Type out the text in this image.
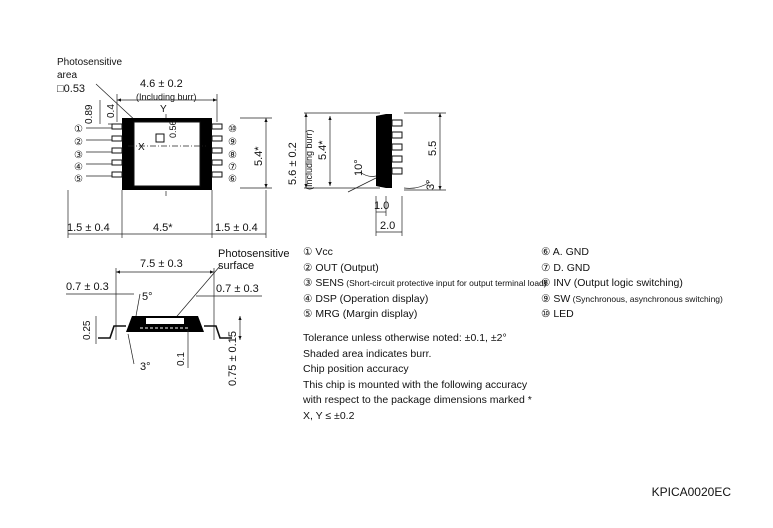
Photosensitive
area
□0.53	4.6 ± 0.2
(Including burr)
Y
0.89 0.4
0.56
X
①
②
③
④
⑤
⑩
⑨
⑧
⑦
⑥
5.4*
1.5 ± 0.4	4.5*	1.5 ± 0.4
5.6 ± 0.2 (Including burr) 5.4*
10°
5.5
3°
1.0
2.0
Photosensitive
surface
7.5 ± 0.3
0.7 ± 0.3	0.7 ± 0.3
5°
0.25
3°
0.1	0.75 ± 0.15
① Vcc
② OUT (Output)
③ SENS (Short-circuit protective input for output terminal load)
④ DSP (Operation display)
⑤ MRG (Margin display)
⑥ A. GND
⑦ D. GND
⑧ INV (Output logic switching)
⑨ SW (Synchronous, asynchronous switching)
⑩ LED
Tolerance unless otherwise noted: ±0.1, ±2°
Shaded area indicates burr.
Chip position accuracy
This chip is mounted with the following accuracy
with respect to the package dimensions marked *
X, Y ≤ ±0.2
KPICA0020EC
